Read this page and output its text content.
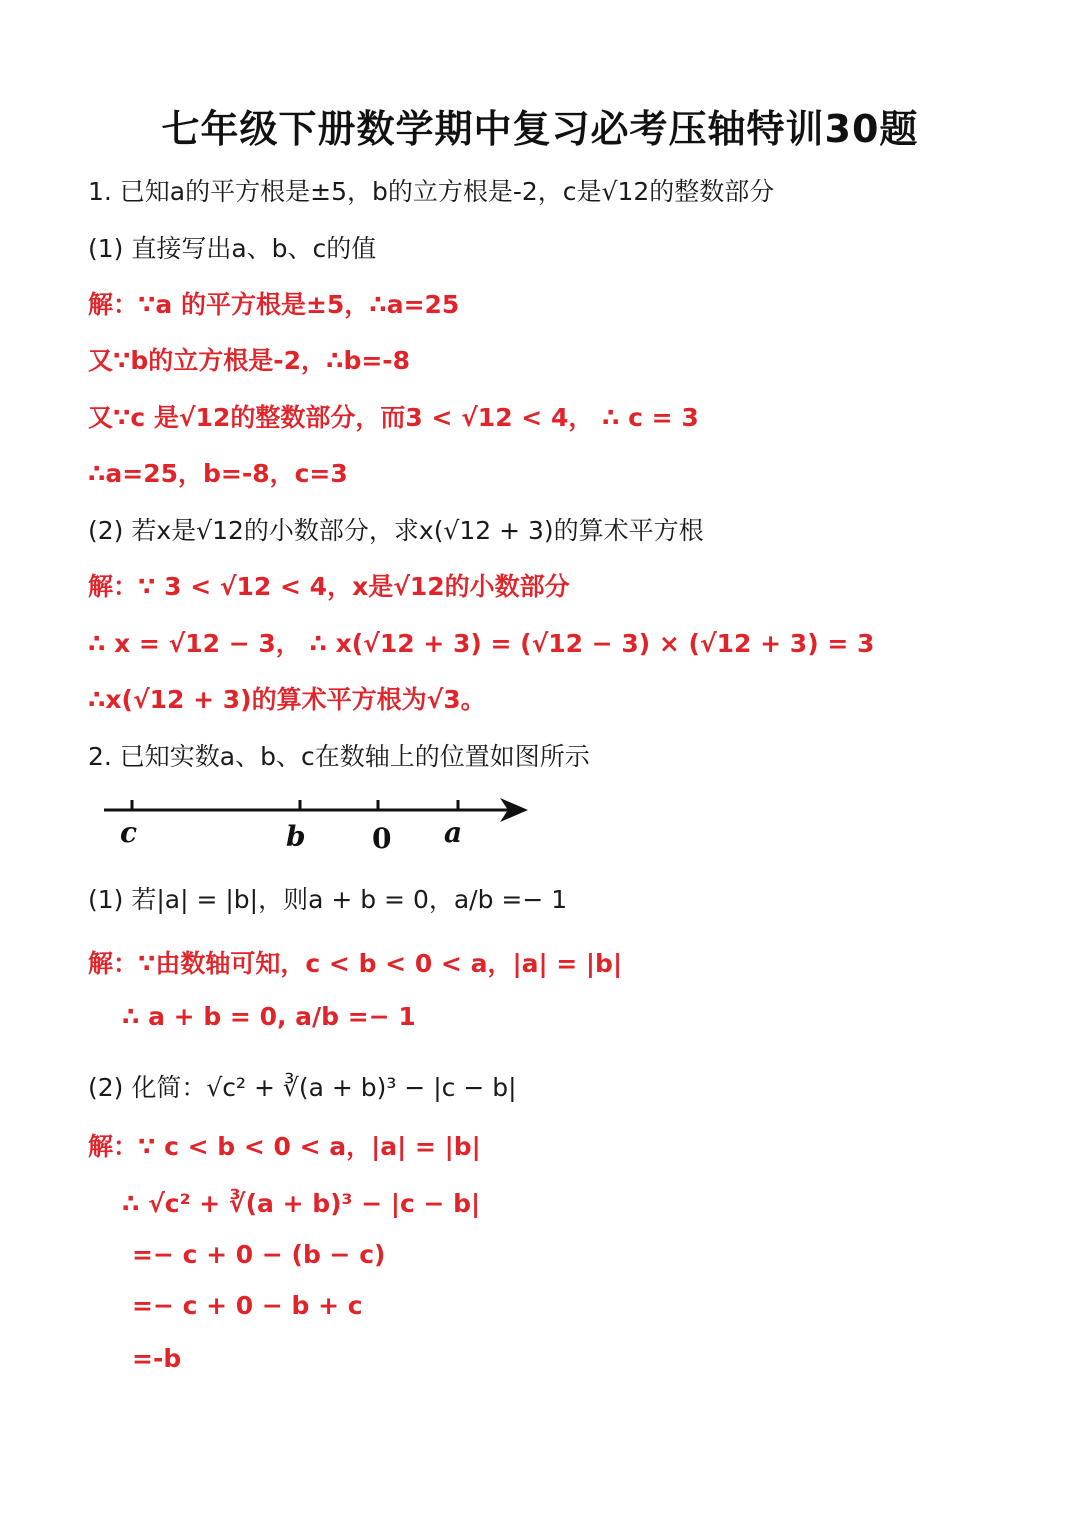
七年级下册数学期中复习必考压轴特训30题
1. 已知a的平方根是±5，b的立方根是-2，c是√12的整数部分
(1) 直接写出a、b、c的值
解：∵a 的平方根是±5，∴a=25
又∵b的立方根是-2，∴b=-8
又∵c 是√12的整数部分，而3 < √12 < 4， ∴ c = 3
∴a=25，b=-8，c=3
(2) 若x是√12的小数部分，求x(√12 + 3)的算术平方根
解：∵ 3 < √12 < 4，x是√12的小数部分
∴ x = √12 − 3， ∴ x(√12 + 3) = (√12 − 3) × (√12 + 3) = 3
∴x(√12 + 3)的算术平方根为√3。
2. 已知实数a、b、c在数轴上的位置如图所示
c	b 0 a
(1) 若|a| = |b|，则a + b = 0，a/b =− 1
解：∵由数轴可知，c < b < 0 < a，|a| = |b|
∴ a + b = 0, a/b =− 1
(2) 化简：√c² + ∛(a + b)³ − |c − b|
解：∵ c < b < 0 < a，|a| = |b|
∴ √c² + ∛(a + b)³ − |c − b|
=− c + 0 − (b − c)
=− c + 0 − b + c
=-b
